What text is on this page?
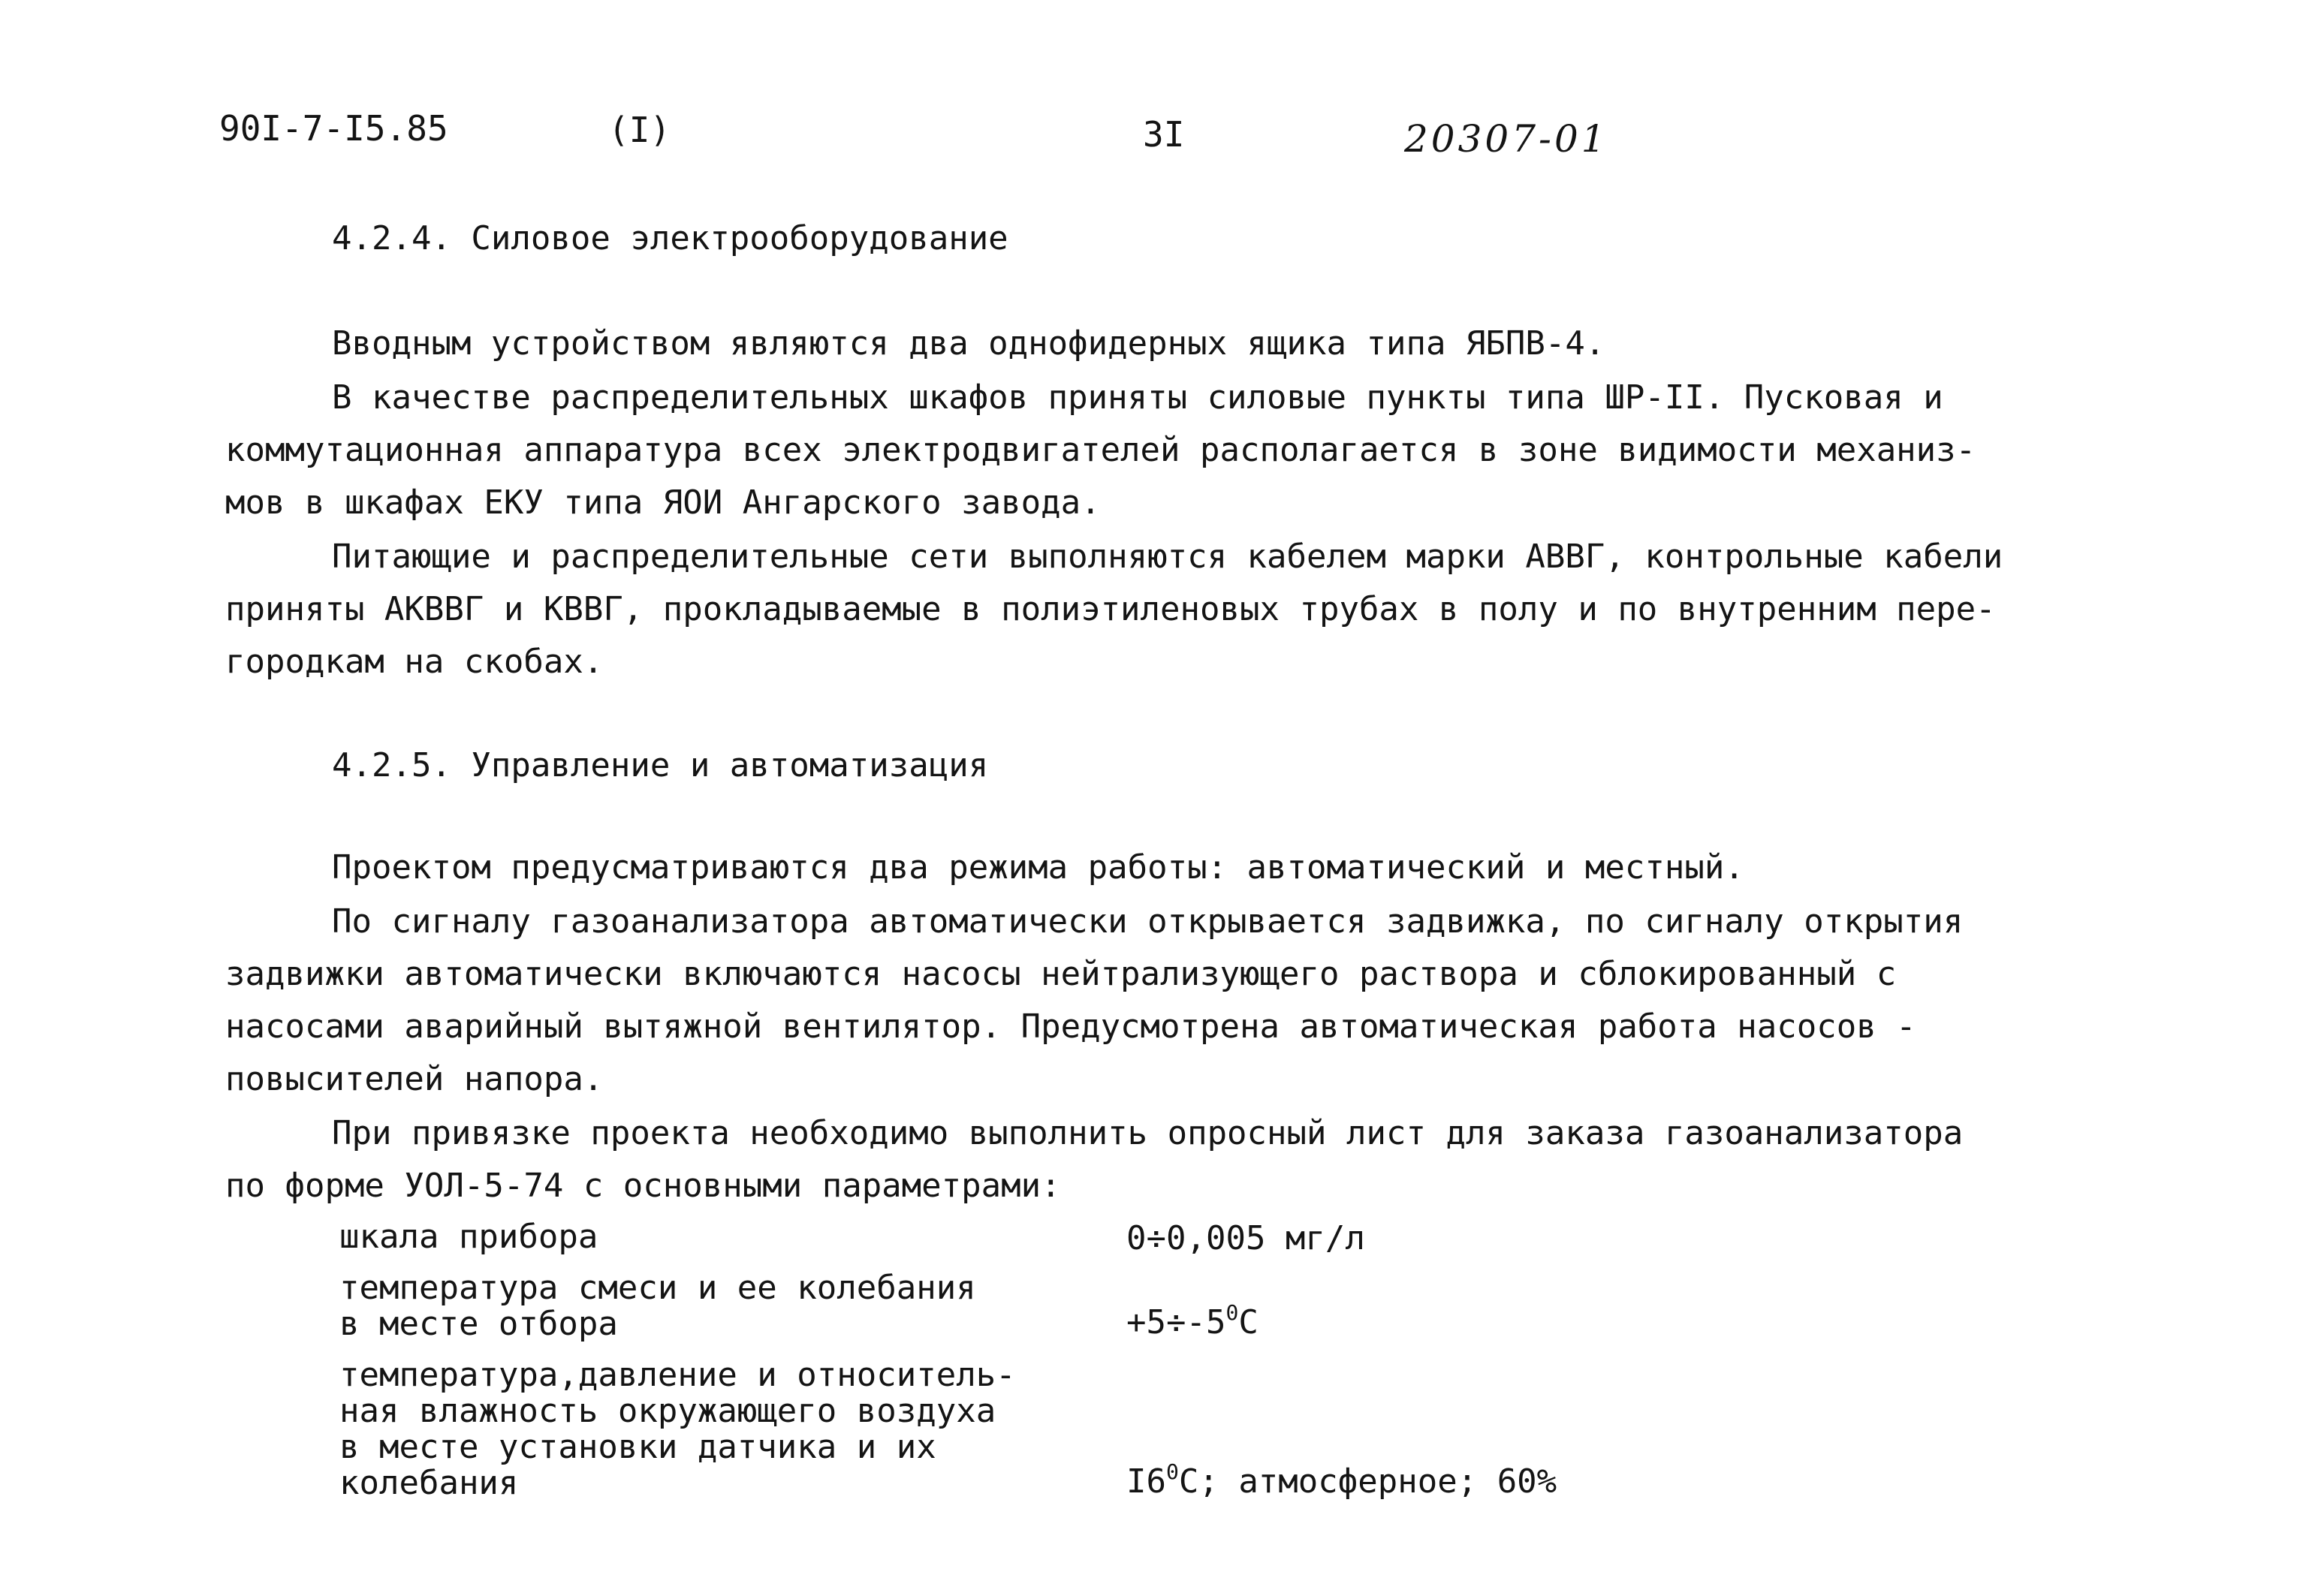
90I-7-I5.85	(I)	3I	20307-01
4.2.4. Силовое электрооборудование
Вводным устройством являются два однофидерных ящика типа ЯБПВ-4.
В качестве распределительных шкафов приняты силовые пункты типа ШР-II. Пусковая и
коммутационная аппаратура всех электродвигателей располагается в зоне видимости механиз-
мов в шкафах ЕКУ типа ЯОИ Ангарского завода.
Питающие и распределительные сети выполняются кабелем марки АВВГ, контрольные кабели
приняты АКВВГ и КВВГ, прокладываемые в полиэтиленовых трубах в полу и по внутренним пере-
городкам на скобах.
4.2.5. Управление и автоматизация
Проектом предусматриваются два режима работы: автоматический и местный.
По сигналу газоанализатора автоматически открывается задвижка, по сигналу открытия
задвижки автоматически включаются насосы нейтрализующего раствора и сблокированный с
насосами аварийный вытяжной вентилятор. Предусмотрена автоматическая работа насосов -
повысителей напора.
При привязке проекта необходимо выполнить опросный лист для заказа газоанализатора
по форме УОЛ-5-74 с основными параметрами:
шкала прибора	0÷0,005 мг/л
температура смеси и ее колебания
в месте отбора	$+5\div-5^0C$
температура,давление и относитель-
ная влажность окружающего воздуха
в месте установки датчика и их
колебания	$I6^0C$; атмосферное; 60%
